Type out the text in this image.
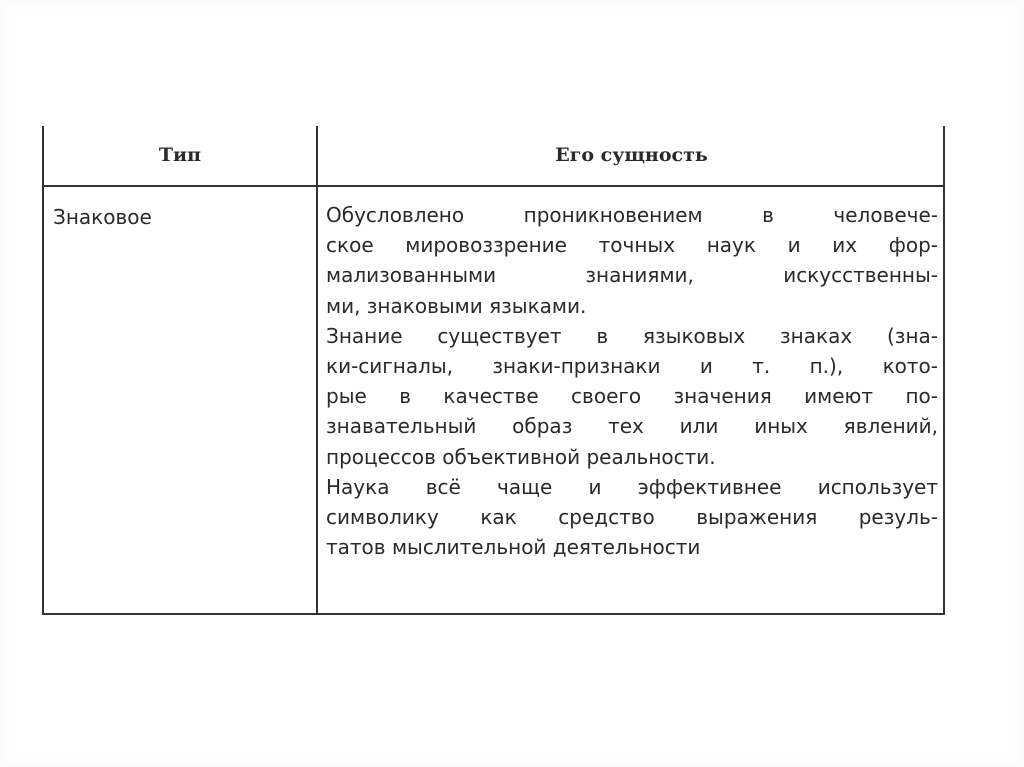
Тип	Его сущность
Знаковое	Обусловлено проникновением в человече-
ское мировоззрение точных наук и их фор-
мализованными знаниями, искусственны-
ми, знаковыми языками.
Знание существует в языковых знаках (зна-
ки-сигналы, знаки-признаки и т. п.), кото-
рые в качестве своего значения имеют по-
знавательный образ тех или иных явлений,
процессов объективной реальности.
Наука всё чаще и эффективнее использует
символику как средство выражения резуль-
татов мыслительной деятельности
